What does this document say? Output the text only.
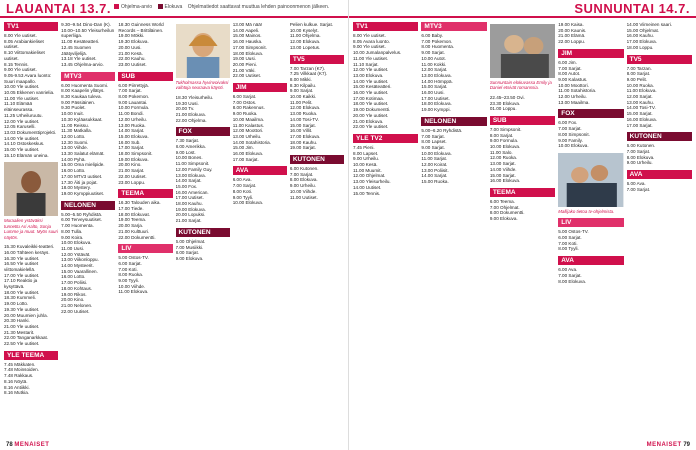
LAUANTAI 13.7.	Ohjelma-arvio Elokuva Ohjelmatiedot saattavat muuttua lehden painoonmenon jälkeen.
TV1
8.00 Yle uutiset.
8.05 Arabiankieliset uutiset.
8.10 Viittomakieliset uutiset.
8.15 Tennis.
9.00 Yle uutiset.
9.05-9.53 Avara luonto: Suuri maapallo.
10.00 Yle uutiset.
10.05 Ekkenen vanrielia.
11.00 Yle uutiset.
11.10 Elämää eläinseurassa.
11.25 Urheiluruutu.
12.00 Yle uutiset.
12.05 Karuselli.
13.03 Dokumenttiprojekti.
14.00 Yle uutiset.
14.10 Ostoskeskus.
15.00 Yle uutiset.
15.10 Elämän uneina.
Muraalien ystäväksi tunnettu Ari Aalto, Sonja Lumme ja muut. Myös suuri näytös.
15.30 Kuvaleikki-teatteri.
16.00 Tähteen keräys.
16.30 Yle uutiset.
16.50 Yle uutiset viittomakielellä.
17.00 Yle uutiset.
17.10 Reaktio ja kysyttävä.
18.00 Yle uutiset.
18.30 Kummeli.
19.00 Lotto.
19.30 Yle uutiset.
20.00 Muumien juhla.
20.30 Hanki.
21.00 Yle uutiset.
21.30 Mestarit.
22.00 Tanganarkkaat.
22.50 Yle uutiset.
YLE TEEMA
7.45 Mäkkaten.
7.48 Moinsoiden.
7.48 Rakkaus.
8.16 Nöytä.
8.16 Antiikki.
8.16 Mutkia.
9.30–9.54 Dino-Dan (K).
10.00–10.50 Yleisurheilun superliiga.
11.00 Kesäteatteri.
12.45 Suomen Jäätyviljelijä.
13.18 Yle uutiset.
13.45 Ohjelma-arvio.
MTV3
6.00 Huomenta Suomi.
8.00 Kaapelin yllätys.
8.30 Kaukaa tuleva.
9.00 Pässiäinen.
9.30 Puolet.
10.00 Inuit.
10.30 Kyläasukkaat.
11.00 Reissu.
11.30 Matkalla.
12.00 Lotto.
12.30 Suomi.
13.00 Viihde.
13.30 Salatut elämät.
14.00 Pyhä.
15.00 Oma mielipide.
16.00 Lotto.
17.00 MTV3 uutiset.
17.30 Äiti ja pojat.
18.00 Mystery.
19.00 Kymppiuutiset.
NELONEN
5.00–5.50 Ryhdistä.
6.00 Terveysuutiset.
7.00 Huomenta.
8.00 Tulla.
9.00 Koira.
10.00 Elokuva.
11.00 Uusi.
12.00 Ystävät.
13.00 Viikonloppu.
14.00 Mysteerit.
15.00 Vaarallinen.
16.00 Lotto.
17.00 Poliisi.
18.00 Kohtaus.
19.00 Rikos.
20.00 Kino.
21.00 Nelonen.
22.00 Uutiset.
18.30 Guinness World Records – Brittiläinen.
19.00 Mökki.
19.30 Elokuva.
20.00 Uusi.
21.00 Kesä.
22.00 Kauhu.
23.00 Uutiset.
SUB
6.00 Piirrettyjä.
7.00 Sarjat.
8.00 Pokemon.
9.00 Lauantai.
10.00 Formula.
11.00 Bondi.
12.00 Urheilu.
13.00 Ruoka.
14.00 Sarjat.
15.00 Elokuva.
16.00 Sub.
17.00 Sarjat.
18.00 Simpsonit.
19.00 Elokuva.
20.00 Kino.
21.00 Sarjat.
22.00 Uutiset.
23.00 Loppu.
TEEMA
16.30 Talouden aika.
17.00 Tiede.
18.00 Elokuvat.
19.00 Teema.
20.00 Sarja.
21.00 Kulttuuri.
22.00 Dokumentti.
LIV
5.00 Ostos-TV.
6.00 Sarjat.
7.00 Koti.
8.00 Ruoka.
9.00 Tyyli.
10.00 Viihde.
11.00 Elokuva.
Tukholmassa hyvinvoivaksi vaihtoja seuraava käynti.
18.30 Yleisurheilu.
19.30 Uusi.
20.00 Tv.
21.00 Elokuva.
22.00 Ohjelma.
FOX
7.30 Sarjat.
8.00 Amerikka.
9.00 Lost.
10.00 Bones.
11.00 Simpsonit.
12.00 Family Guy.
13.00 Elokuva.
14.00 Sarjat.
15.00 Fox.
16.00 American.
17.00 Uutiset.
18.00 Kauhu.
19.00 Elokuva.
20.00 Lopuksi.
21.00 Sarjat.
KUTONEN
6.00 Ohjelmat.
7.00 Musiikki.
8.00 Sarjat.
9.00 Elokuva.
13.00 Mä nää!
14.00 Aapeli.
15.00 Mainos.
16.00 Hauska.
17.00 Simpsonit.
18.00 Elokuva.
19.00 Uusi.
20.00 Pieni.
21.00 Väki.
22.00 Uutiset.
JIM
6.00 Sarjat.
7.00 Ostos.
8.00 Rakennus.
9.00 Ruoka.
10.00 Maailma.
11.00 Kalastus.
12.00 Moottori.
13.00 Urheilu.
14.00 Sotahistoria.
15.00 Jim.
16.00 Elokuva.
17.00 Sarjat.
AVA
6.00 Ava.
7.00 Sarjat.
8.00 Koti.
9.00 Tyyli.
10.00 Elokuva.
Pelien kulkue. Sarjat.
10.00 Kyselyt.
11.00 Ohjelma.
12.00 Elokuva.
13.00 Lopetus.
TV5
7.00 Tarzan (K7).
7.25 Vilkkaat (K7).
8.00 Mikki.
8.30 Kilpailu.
9.00 Sarjat.
10.00 Kaikki.
11.00 Pelit.
12.00 Elokuva.
13.00 Ruoka.
14.00 Tosi-TV.
15.00 Sarjat.
16.00 Villit.
17.00 Elokuva.
18.00 Kauhu.
19.00 Sarjat.
KUTONEN
6.00 Kutonen.
7.00 Sarjat.
8.00 Elokuva.
9.00 Urheilu.
10.00 Viihde.
11.00 Uutiset.
78 MENAISET
SUNNUNTAI 14.7.
TV1
8.00 Yle uutiset.
8.05 Avara luonto.
9.00 Yle uutiset.
10.00 Jumalanpalvelus.
11.00 Yle uutiset.
11.10 Sarjat.
12.00 Yle uutiset.
13.00 Elokuva.
14.00 Yle uutiset.
15.00 Kesäteatteri.
16.00 Yle uutiset.
17.00 Kotimaa.
18.00 Yle uutiset.
19.00 Dokumentti.
20.00 Yle uutiset.
21.00 Elokuva.
22.00 Yle uutiset.
YLE TV2
7.45 Pieni.
8.00 Lapset.
9.00 Urheilu.
10.00 Kesä.
11.00 Muumit.
12.00 Ohjelmat.
13.00 Yleisurheilu.
14.00 Uutiset.
15.00 Tennis.
MTV3
6.00 Baby.
7.00 Pokemon.
8.00 Huomenta.
9.00 Sarjat.
10.00 Autot.
11.00 Kokki.
12.00 Sarjat.
13.00 Elokuva.
14.00 Hömppä.
15.00 Sarjat.
16.00 Uusi.
17.00 Uutiset.
18.00 Elokuva.
19.00 Kymppi.
NELONEN
5.00–6.20 Ryhdistä.
7.00 Sarjat.
8.00 Lapset.
9.00 Sarjat.
10.00 Elokuva.
11.00 Sarjat.
12.00 Koirat.
13.00 Poliisit.
14.00 Sarjat.
15.00 Ruoka.
Sunnuntain elokuvassa Emily ja Daniel etsivät romanssia.
22.45–23.50 Ovi.
23.30 Elokuva.
01.00 Loppu.
SUB
7.00 Simpsonit.
8.00 Sarjat.
9.00 Formula.
10.00 Elokuva.
11.00 Salo.
12.00 Ruoka.
13.00 Sarjat.
14.00 Viihde.
15.00 Sarjat.
16.00 Elokuva.
TEEMA
6.00 Teema.
7.00 Ohjelmat.
8.00 Dokumentti.
9.00 Elokuva.
19.00 Kaisa.
20.00 Kaunis.
21.00 Elämä.
22.00 Loppu.
JIM
6.00 Jim.
7.00 Sarjat.
8.00 Autot.
9.00 Kalastus.
10.00 Moottori.
11.00 Sotahistoria.
12.00 Urheilu.
13.00 Maailma.
FOX
6.00 Fox.
7.00 Sarjat.
8.00 Simpsonit.
9.00 Family.
10.00 Elokuva.
Mallijako tietoa tv-ohjelmista.
LIV
5.00 Ostos-TV.
6.00 Sarjat.
7.00 Koti.
8.00 Tyyli.
AVA
6.00 Ava.
7.00 Sarjat.
8.00 Elokuva.
14.00 Viimeinen saari.
15.00 Ohjelmat.
16.00 Kauhu.
17.00 Elokuva.
18.00 Loppu.
TV5
7.00 Tarzan.
8.00 Sarjat.
9.00 Pelit.
10.00 Ruoka.
11.00 Elokuva.
12.00 Sarjat.
13.00 Kauhu.
14.00 Tosi-TV.
15.00 Sarjat.
16.00 Elokuva.
17.00 Sarjat.
KUTONEN
6.00 Kutonen.
7.00 Sarjat.
8.00 Elokuva.
9.00 Urheilu.
AVA
6.00 Ava.
7.00 Sarjat.
MENAISET 79
